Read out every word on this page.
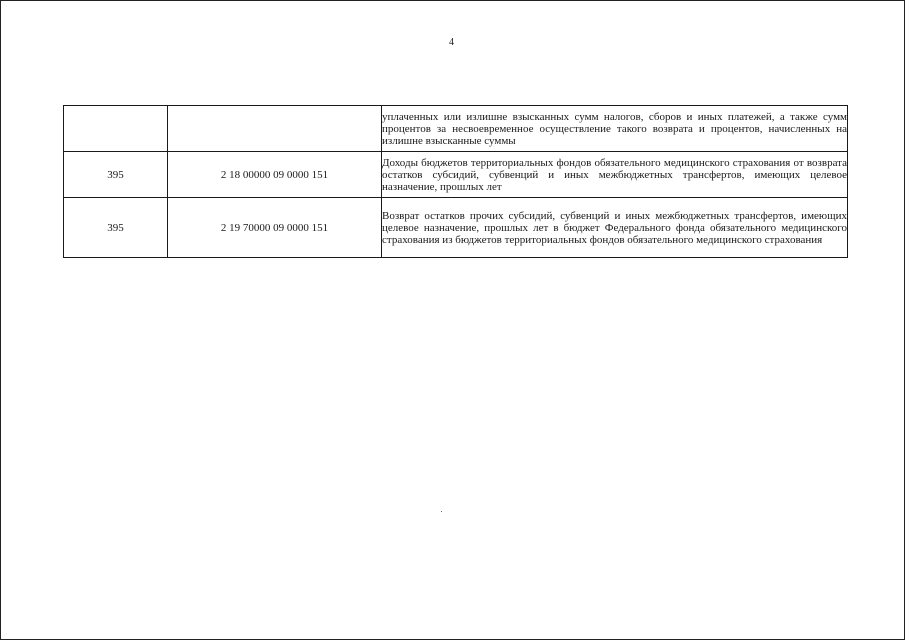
4
		уплаченных или излишне взысканных сумм налогов, сборов и иных платежей, а также сумм процентов за несвоевременное осуществление такого возврата и процентов, начисленных на излишне взысканные суммы
395	2 18 00000 09 0000 151	Доходы бюджетов территориальных фондов обязательного медицинского страхования от возврата остатков субсидий, субвенций и иных межбюджетных трансфертов, имеющих целевое назначение, прошлых лет
395	2 19 70000 09 0000 151	Возврат остатков прочих субсидий, субвенций и иных межбюджетных трансфертов, имеющих целевое назначение, прошлых лет в бюджет Федерального фонда обязательного медицинского страхования из бюджетов территориальных фондов обязательного медицинского страхования
